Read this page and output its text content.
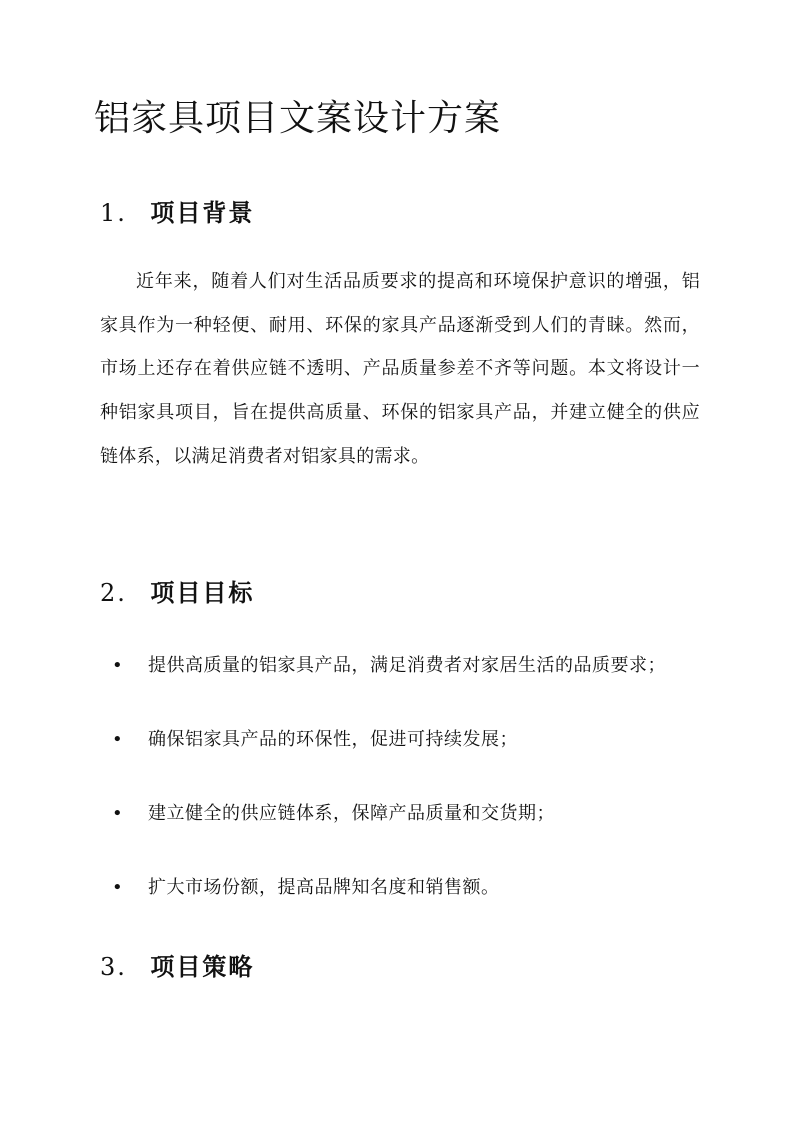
铝家具项目文案设计方案
1. 项目背景

近年来，随着人们对生活品质要求的提高和环境保护意识的增强，铝家具作为一种轻便、耐用、环保的家具产品逐渐受到人们的青睐。然而，市场上还存在着供应链不透明、产品质量参差不齐等问题。本文将设计一种铝家具项目，旨在提供高质量、环保的铝家具产品，并建立健全的供应链体系，以满足消费者对铝家具的需求。

2. 项目目标
• 提供高质量的铝家具产品，满足消费者对家居生活的品质要求；
• 确保铝家具产品的环保性，促进可持续发展；
• 建立健全的供应链体系，保障产品质量和交货期；
• 扩大市场份额，提高品牌知名度和销售额。
3. 项目策略
